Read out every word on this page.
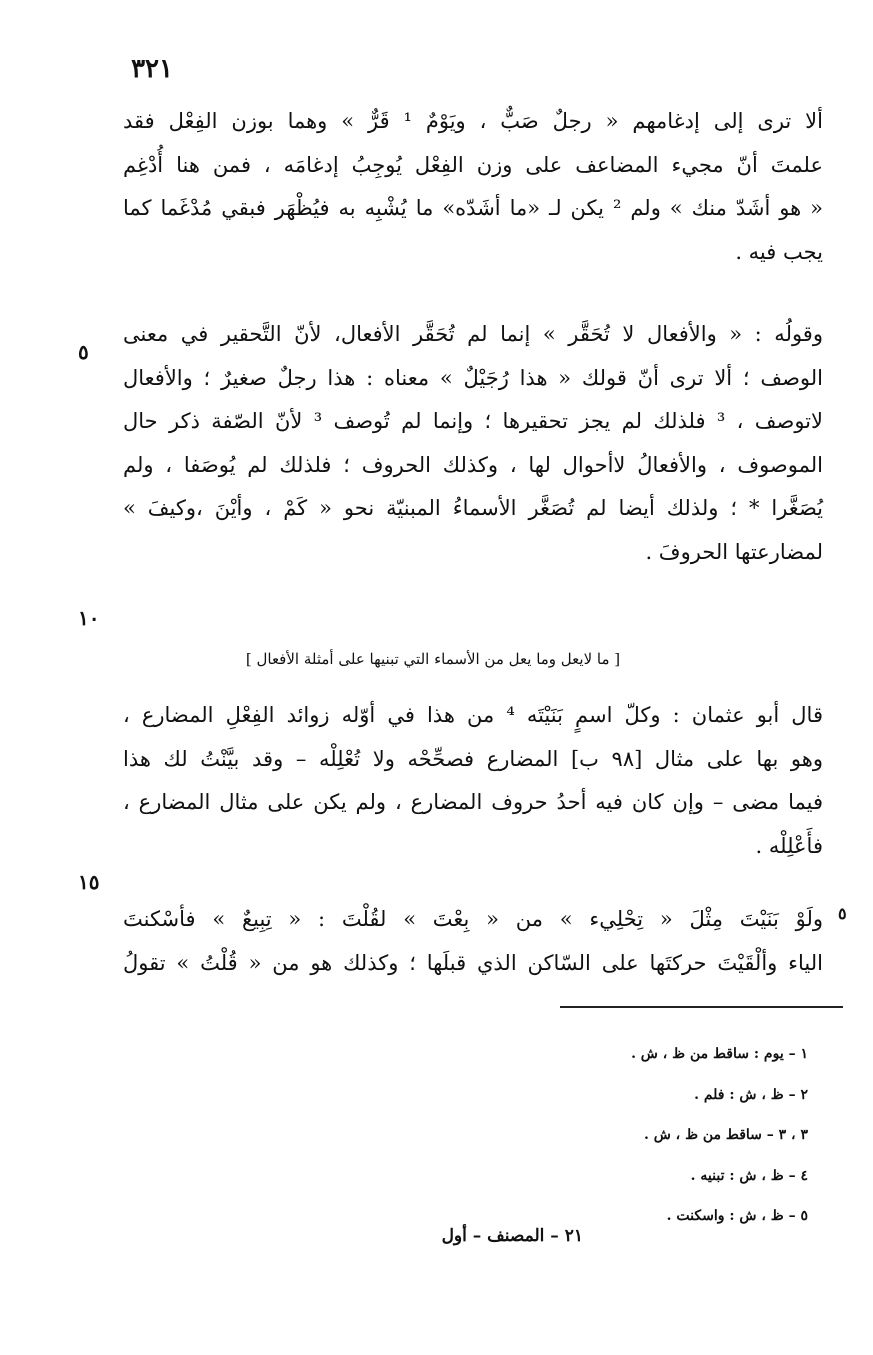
٣٢١
ألا ترى إلى إدغامهم « رجلٌ صَبٌّ ، ويَوْمٌ ¹ قَرٌّ » وهما بوزن الفِعْل فقد
علمتَ أنّ مجيء المضاعف على وزن الفِعْل يُوجِبُ إدغامَه ، فمن هنا أُدْغِم
« هو أشَدّ منك » ولم ² يكن لـ «ما أشَدّه» ما يُشْبِه به فيُظْهَر فبقي مُدْغَما كما
يجب فيه .
وقولُه : « والأفعال لا تُحَقَّر » إنما لم تُحَقَّر الأفعال، لأنّ التَّحقير في معنى
الوصف ؛ ألا ترى أنّ قولك « هذا رُجَيْلٌ » معناه : هذا رجلٌ صغيرٌ ؛ والأفعال
لاتوصف ، ³ فلذلك لم يجز تحقيرها ؛ وإنما لم تُوصف ³ لأنّ الصّفة ذكر حال
الموصوف ، والأفعالُ لاأحوال لها ، وكذلك الحروف ؛ فلذلك لم يُوصَفا ، ولم
يُصَغَّرا * ؛ ولذلك أيضا لم تُصَغَّر الأسماءُ المبنيّة نحو « كَمْ ، وأيْنَ ،وكيفَ »
لمضارعتها الحروفَ .
٥
١٠
[ ما لايعل وما يعل من الأسماء التي تبنيها على أمثلة الأفعال ]
قال أبو عثمان : وكلّ اسمٍ بَنَيْتَه ⁴ من هذا في أوّله زوائد الفِعْلِ المضارع ،
وهو بها على مثال [٩٨ ب] المضارع فصحِّحْه ولا تُعْلِلْه – وقد بيَّنْتُ لك هذا
فيما مضى – وإن كان فيه أحدُ حروف المضارع ، ولم يكن على مثال المضارع ،
فأَعْلِلْه .
١٥
٥
ولَوْ بَنَيْتَ مِثْلَ « تِحْلِيء » من « بِعْتَ » لقُلْتَ : « تِبِيعٌ » فأسْكنتَ
الياء وألْقَيْتَ حركتَها على السّاكن الذي قبلَها ؛ وكذلك هو من « قُلْتُ » تقولُ
١ – يوم : ساقط من ظ ، ش .
٢ – ظ ، ش : فلم .
٣ ، ٣ – ساقط من ظ ، ش .
٤ – ظ ، ش : تبنيه .
٥ – ظ ، ش : واسكنت .
٢١ – المصنف – أول
